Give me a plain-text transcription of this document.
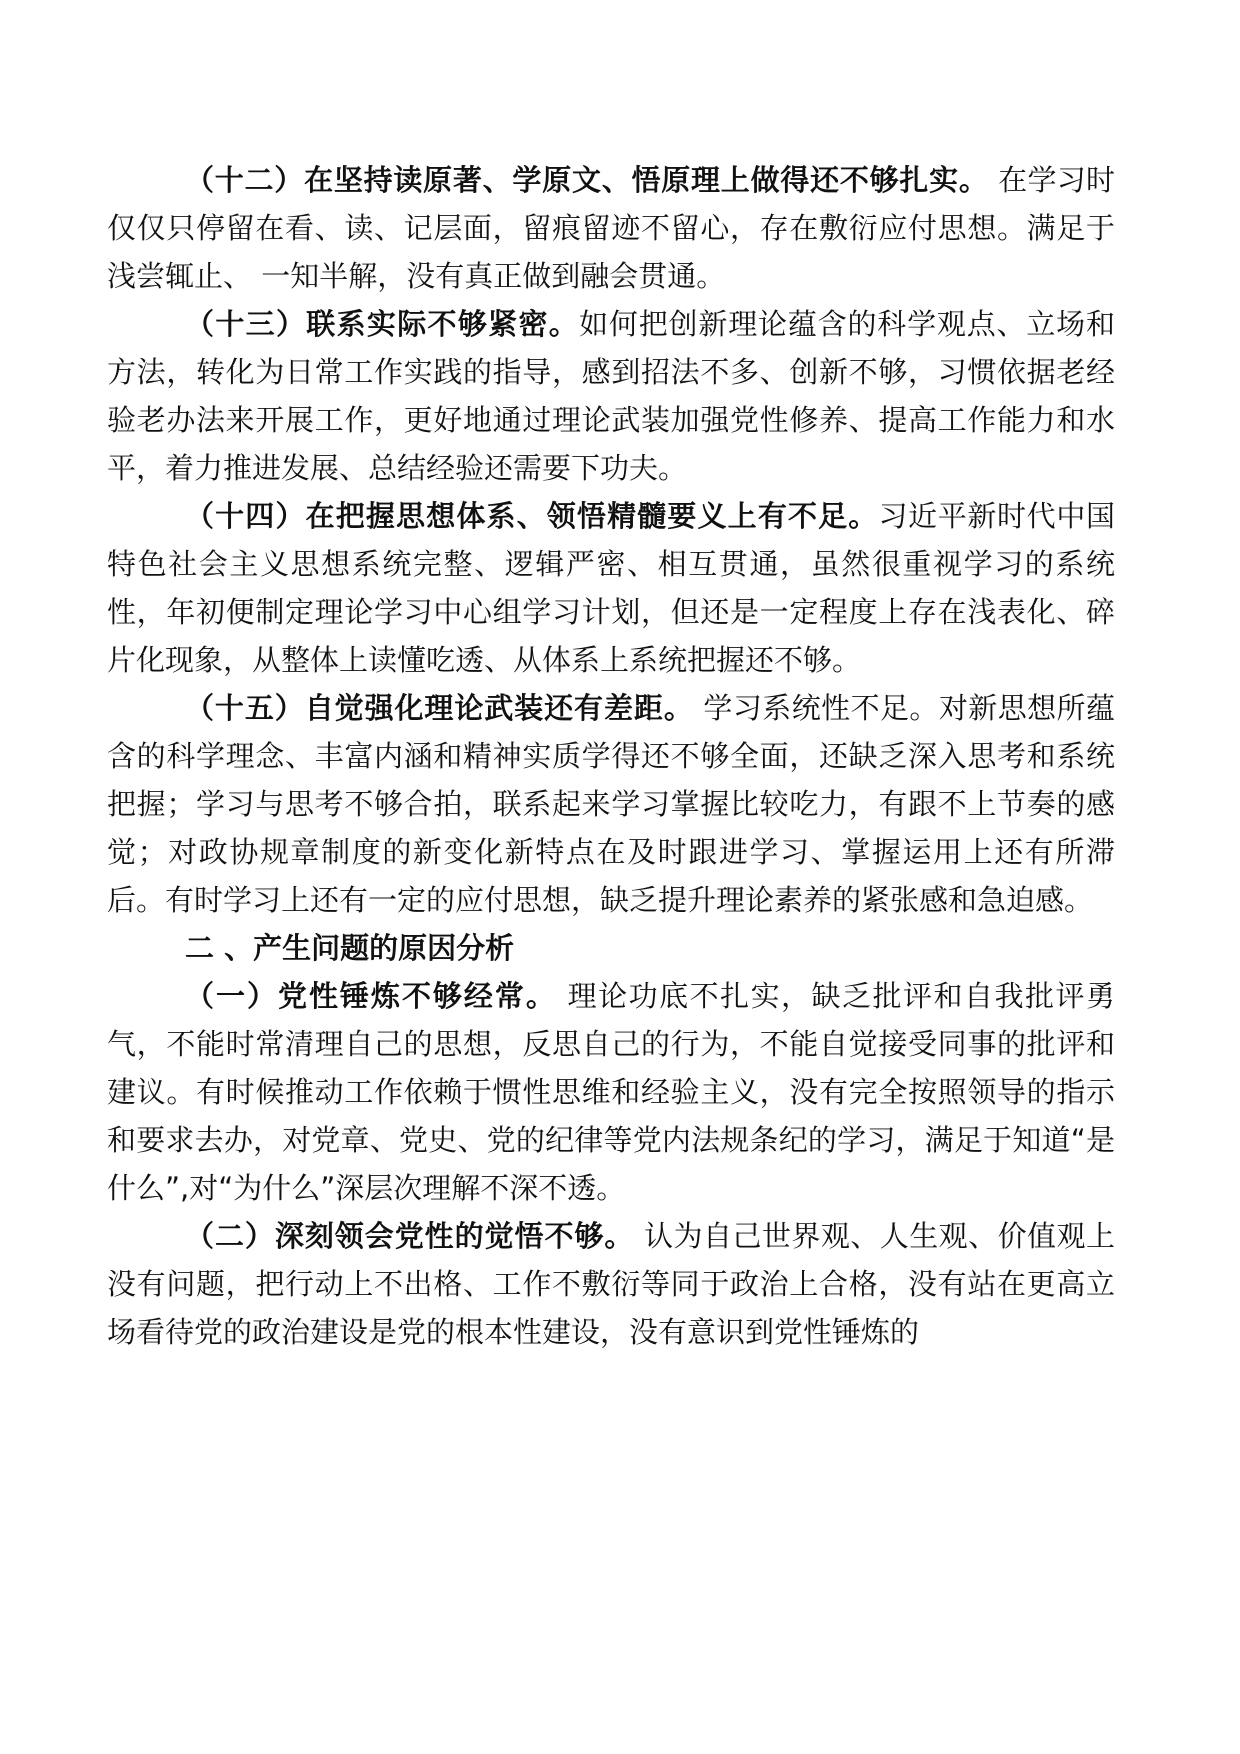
（十二）在坚持读原著、学原文、悟原理上做得还不够扎实。 在学习时仅仅只停留在看、读、记层面，留痕留迹不留心，存在敷衍应付思想。满足于浅尝辄止、 一知半解，没有真正做到融会贯通。

（十三）联系实际不够紧密。如何把创新理论蕴含的科学观点、立场和方法，转化为日常工作实践的指导，感到招法不多、创新不够，习惯依据老经验老办法来开展工作，更好地通过理论武装加强党性修养、提高工作能力和水平，着力推进发展、总结经验还需要下功夫。

（十四）在把握思想体系、领悟精髓要义上有不足。习近平新时代中国特色社会主义思想系统完整、逻辑严密、相互贯通，虽然很重视学习的系统性，年初便制定理论学习中心组学习计划，但还是一定程度上存在浅表化、碎片化现象，从整体上读懂吃透、从体系上系统把握还不够。

（十五）自觉强化理论武装还有差距。 学习系统性不足。对新思想所蕴含的科学理念、丰富内涵和精神实质学得还不够全面，还缺乏深入思考和系统把握；学习与思考不够合拍，联系起来学习掌握比较吃力，有跟不上节奏的感觉；对政协规章制度的新变化新特点在及时跟进学习、掌握运用上还有所滞后。有时学习上还有一定的应付思想，缺乏提升理论素养的紧张感和急迫感。

二 、产生问题的原因分析

（一）党性锤炼不够经常。 理论功底不扎实，缺乏批评和自我批评勇气，不能时常清理自己的思想，反思自己的行为，不能自觉接受同事的批评和建议。有时候推动工作依赖于惯性思维和经验主义，没有完全按照领导的指示和要求去办，对党章、党史、党的纪律等党内法规条纪的学习，满足于知道“是什么”,对“为什么”深层次理解不深不透。

（二）深刻领会党性的觉悟不够。 认为自己世界观、人生观、价值观上没有问题，把行动上不出格、工作不敷衍等同于政治上合格，没有站在更高立场看待党的政治建设是党的根本性建设，没有意识到党性锤炼的
